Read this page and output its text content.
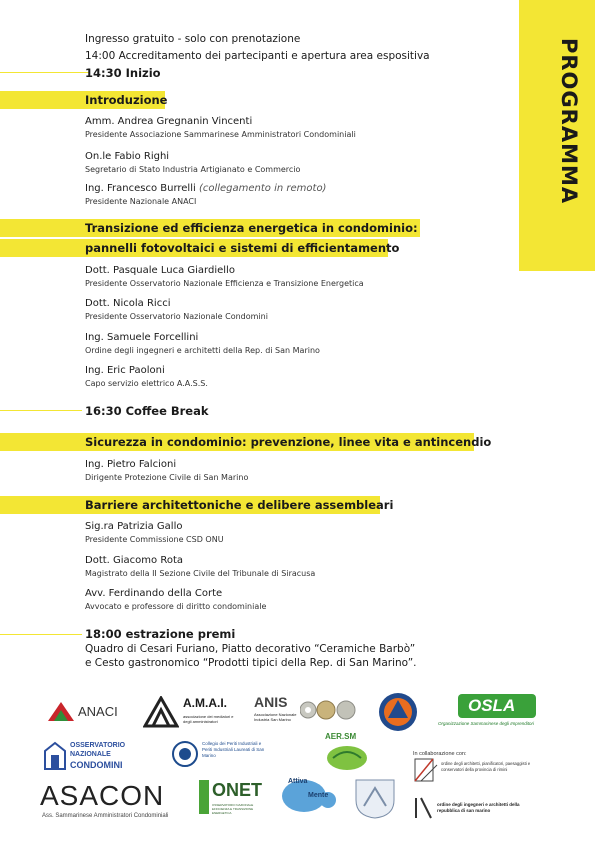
PROGRAMMA
Ingresso gratuito - solo con prenotazione
14:00 Accreditamento dei partecipanti e apertura area espositiva
14:30 Inizio
Introduzione
Amm. Andrea Gregnanin Vincenti
Presidente Associazione Sammarinese Amministratori Condominiali
On.le Fabio Righi
Segretario di Stato Industria Artigianato e Commercio
Ing. Francesco Burrelli (collegamento in remoto)
Presidente Nazionale ANACI
Transizione ed efficienza energetica in condominio:
pannelli fotovoltaici e sistemi di efficientamento
Dott. Pasquale Luca Giardiello
Presidente Osservatorio Nazionale Efficienza e Transizione Energetica
Dott. Nicola Ricci
Presidente Osservatorio Nazionale Condomini
Ing. Samuele Forcellini
Ordine degli ingegneri e architetti della Rep. di San Marino
Ing. Eric Paoloni
Capo servizio elettrico A.A.S.S.
16:30 Coffee Break
Sicurezza in condominio: prevenzione, linee vita e antincendio
Ing. Pietro Falcioni
Dirigente Protezione Civile di San Marino
Barriere architettoniche e delibere assembleari
Sig.ra Patrizia Gallo
Presidente Commissione CSD ONU
Dott. Giacomo Rota
Magistrato della II Sezione Civile del Tribunale di Siracusa
Avv. Ferdinando della Corte
Avvocato e professore di diritto condominiale
18:00 estrazione premi
Quadro di Cesari Furiano, Piatto decorativo “Ceramiche Barbò”
e Cesto gastronomico “Prodotti tipici della Rep. di San Marino”.
ANACI
A.M.A.I.
associazione dei mediatori e degli amministratori
ANIS
Associazione Nazionale Industria San Marino
OSLA
Organizzazione Sammarinese degli Imprenditori
OSSERVATORIO
NAZIONALE
CONDOMINI
Collegio dei Periti Industriali e Periti Industriali Laureati di San Marino
AER.SM
In collaborazione con:
ordine degli architetti, pianificatori, paesaggisti e conservatori della provincia di rimini
ASACON
Ass. Sammarinese Amministratori Condominiali
ONET
OSSERVATORIO NAZIONALE EFFICIENZA E TRANSIZIONE ENERGETICA
Attiva
Mente
ordine degli ingegneri e architetti della repubblica di san marino
